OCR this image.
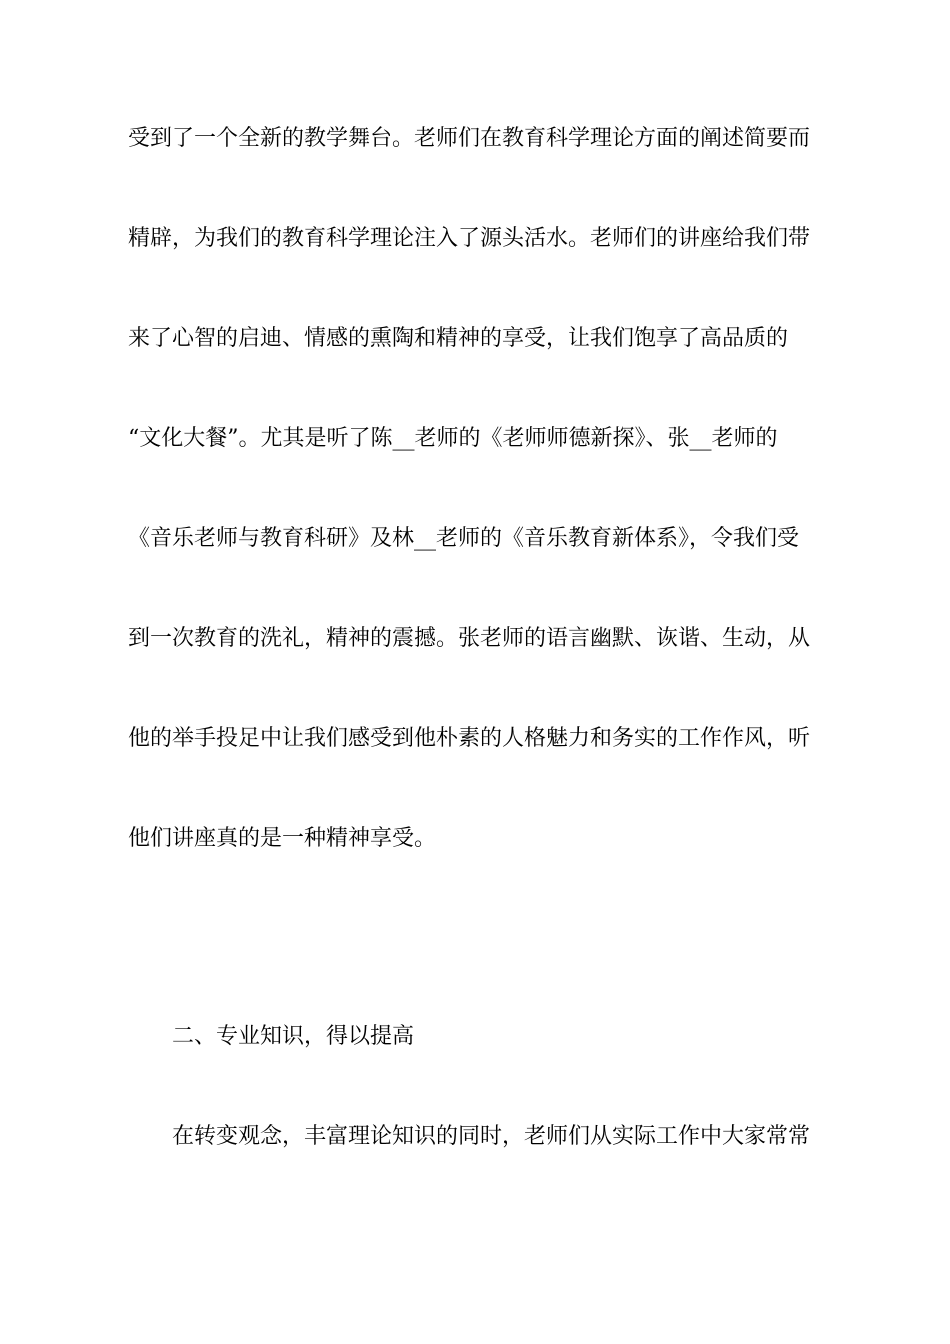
受到了一个全新的教学舞台。老师们在教育科学理论方面的阐述简要而
精辟，为我们的教育科学理论注入了源头活水。老师们的讲座给我们带
来了心智的启迪、情感的熏陶和精神的享受，让我们饱享了高品质的
“文化大餐”。尤其是听了陈__老师的《老师师德新探》、张__老师的
《音乐老师与教育科研》及林__老师的《音乐教育新体系》，令我们受
到一次教育的洗礼，精神的震撼。张老师的语言幽默、诙谐、生动，从
他的举手投足中让我们感受到他朴素的人格魅力和务实的工作作风，听
他们讲座真的是一种精神享受。
二、专业知识，得以提高
在转变观念，丰富理论知识的同时，老师们从实际工作中大家常常
